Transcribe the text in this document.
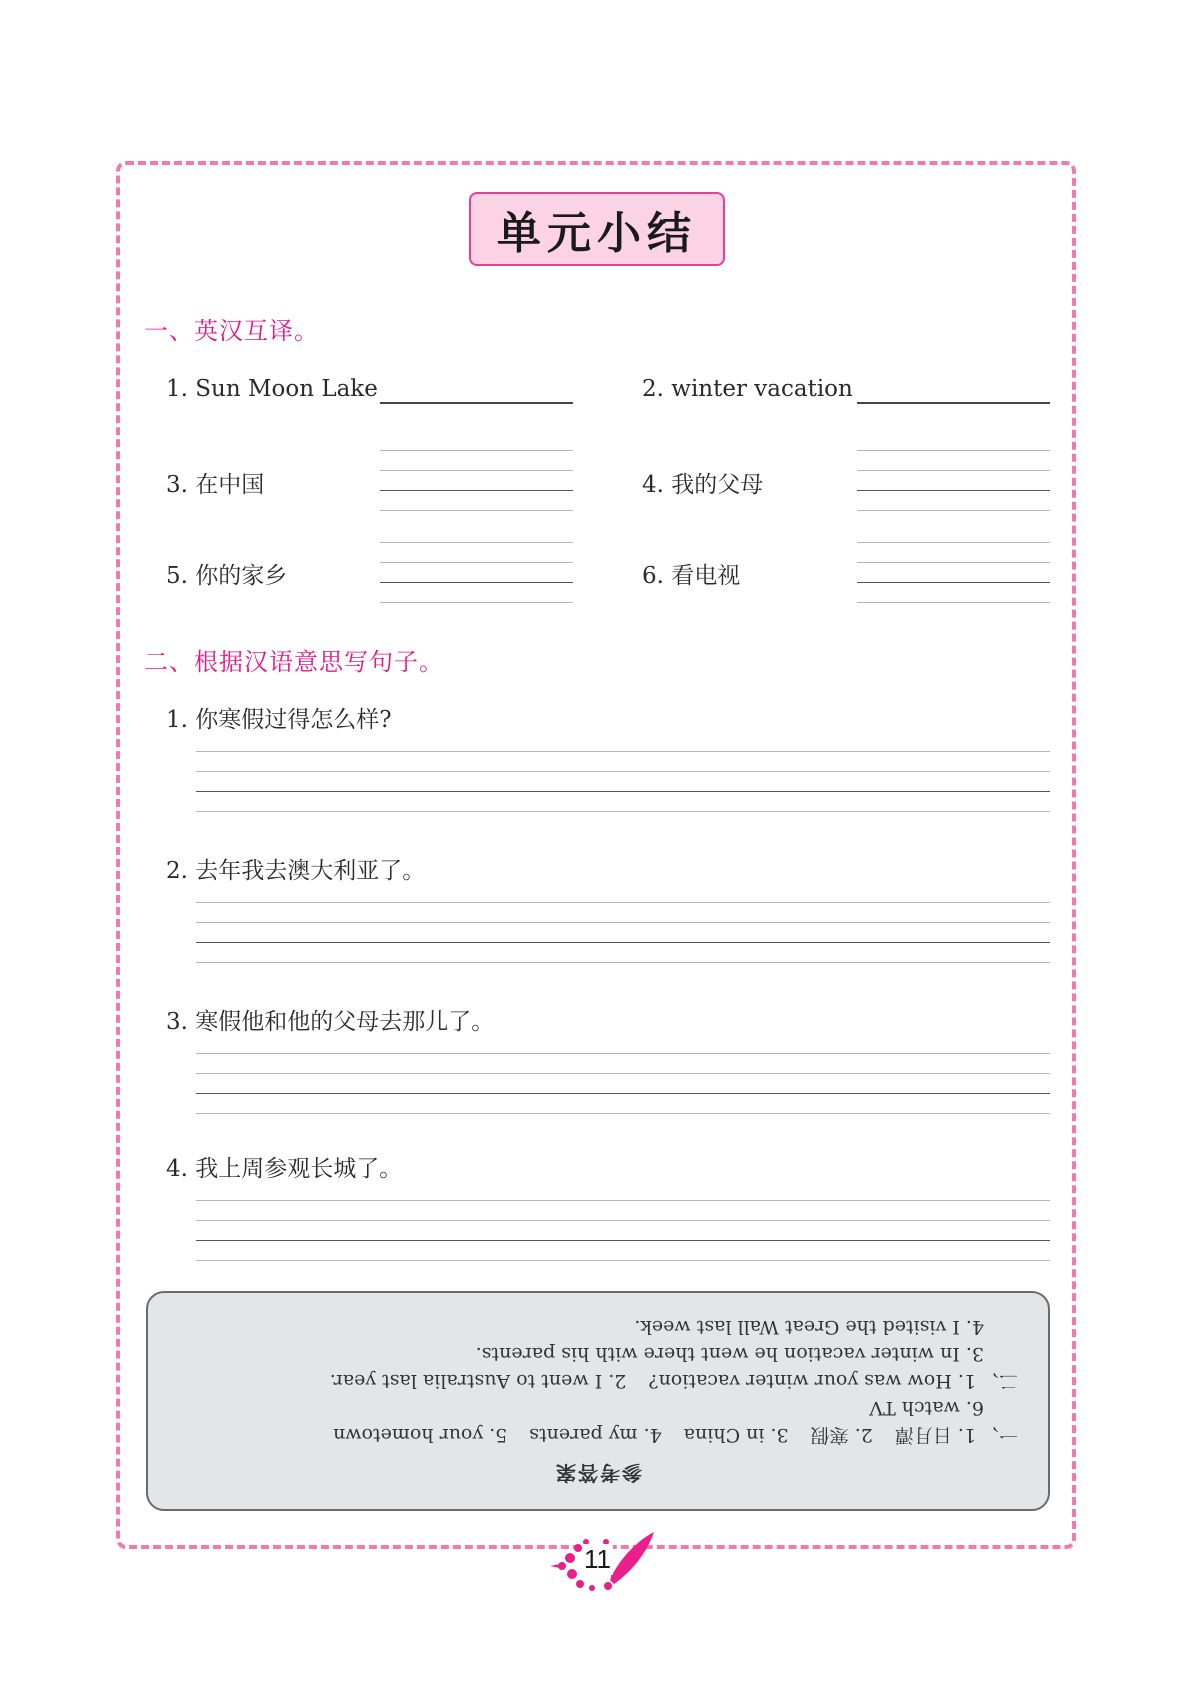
单元小结
一、英汉互译。
1. Sun Moon Lake	2. winter vacation
3. 在中国	4. 我的父母
5. 你的家乡	6. 看电视
二、根据汉语意思写句子。
1. 你寒假过得怎么样?
2. 去年我去澳大利亚了。
3. 寒假他和他的父母去那儿了。
4. 我上周参观长城了。
参考答案
一、1. 日月潭2. 寒假3. in China4. my parents5. your hometown
6. watch TV
二、1. How was your winter vacation?2. I went to Australia last year.
3. In winter vacation he went there with his parents.
4. I visited the Great Wall last week.
11
